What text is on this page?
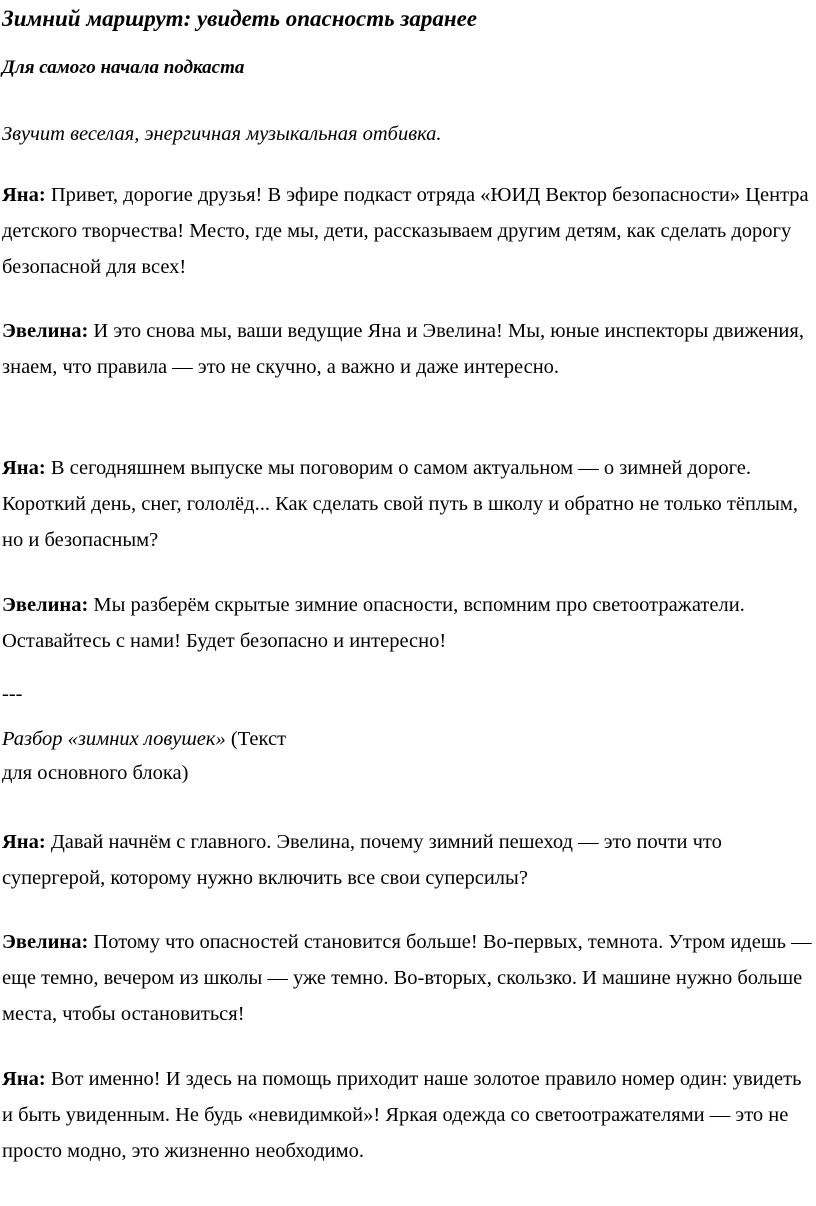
Зимний маршрут: увидеть опасность заранее
Для самого начала подкаста
Звучит веселая, энергичная музыкальная отбивка.
Яна: Привет, дорогие друзья! В эфире подкаст отряда «ЮИД Вектор безопасности» Центра детского творчества! Место, где мы, дети, рассказываем другим детям, как сделать дорогу безопасной для всех!
Эвелина: И это снова мы, ваши ведущие Яна и Эвелина! Мы, юные инспекторы движения, знаем, что правила — это не скучно, а важно и даже интересно.
Яна: В сегодняшнем выпуске мы поговорим о самом актуальном — о зимней дороге. Короткий день, снег, гололёд... Как сделать свой путь в школу и обратно не только тёплым, но и безопасным?
Эвелина: Мы разберём скрытые зимние опасности, вспомним про светоотражатели. Оставайтесь с нами! Будет безопасно и интересно!
---
Разбор «зимних ловушек» (Текст
для основного блока)
Яна: Давай начнём с главного. Эвелина, почему зимний пешеход — это почти что супергерой, которому нужно включить все свои суперсилы?
Эвелина: Потому что опасностей становится больше! Во-первых, темнота. Утром идешь — еще темно, вечером из школы — уже темно. Во-вторых, скользко. И машине нужно больше места, чтобы остановиться!
Яна: Вот именно! И здесь на помощь приходит наше золотое правило номер один: увидеть и быть увиденным. Не будь «невидимкой»! Яркая одежда со светоотражателями — это не просто модно, это жизненно необходимо.
